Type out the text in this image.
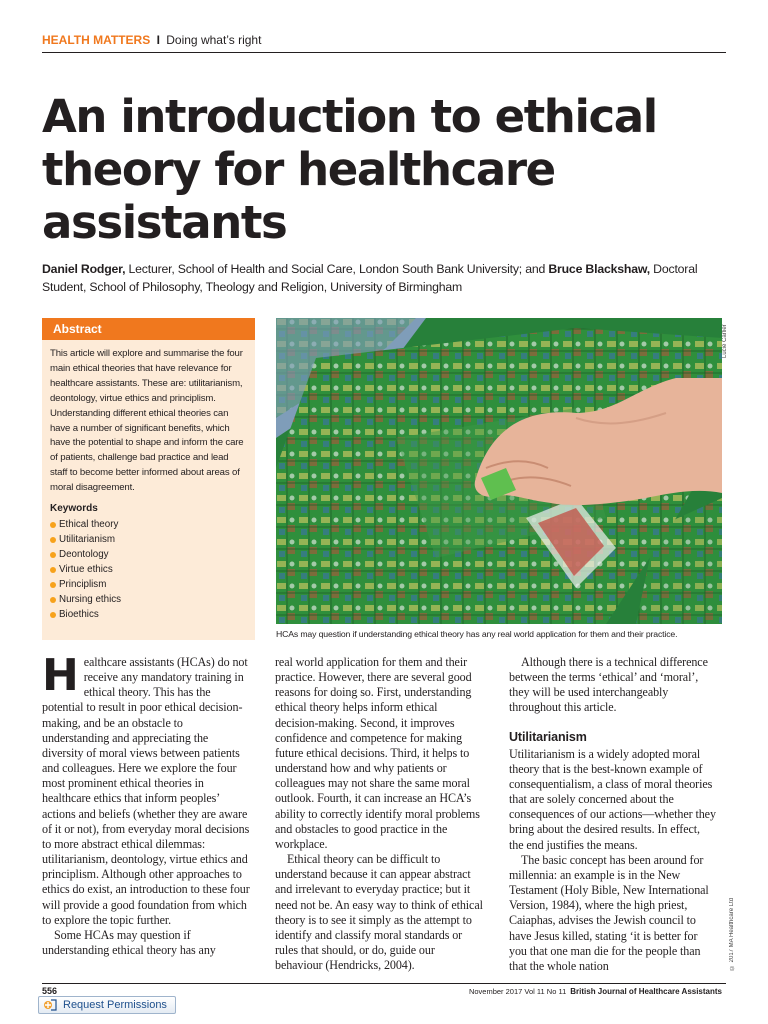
HEALTH MATTERS I Doing what’s right
An introduction to ethical theory for healthcare assistants
Daniel Rodger, Lecturer, School of Health and Social Care, London South Bank University; and Bruce Blackshaw, Doctoral Student, School of Philosophy, Theology and Religion, University of Birmingham
Abstract
This article will explore and summarise the four main ethical theories that have relevance for healthcare assistants. These are: utilitarianism, deontology, virtue ethics and principlism. Understanding different ethical theories can have a number of significant benefits, which have the potential to shape and inform the care of patients, challenge bad practice and lead staff to become better informed about areas of moral disagreement.
Keywords
Ethical theory
Utilitarianism
Deontology
Virtue ethics
Principlism
Nursing ethics
Bioethics
Lucie Carlier
HCAs may question if understanding ethical theory has any real world application for them and their practice.
H ealthcare assistants (HCAs) do not receive any mandatory training in ethical theory. This has the potential to result in poor ethical decision-making, and be an obstacle to understanding and appreciating the diversity of moral views between patients and colleagues. Here we explore the four most prominent ethical theories in healthcare ethics that inform peoples’ actions and beliefs (whether they are aware of it or not), from everyday moral decisions to more abstract ethical dilemmas: utilitarianism, deontology, virtue ethics and principlism. Although other approaches to ethics do exist, an introduction to these four will provide a good foundation from which to explore the topic further.

Some HCAs may question if understanding ethical theory has any

real world application for them and their practice. However, there are several good reasons for doing so. First, understanding ethical theory helps inform ethical decision-making. Second, it improves confidence and competence for making future ethical decisions. Third, it helps to understand how and why patients or colleagues may not share the same moral outlook. Fourth, it can increase an HCA’s ability to correctly identify moral problems and obstacles to good practice in the workplace.

Ethical theory can be difficult to understand because it can appear abstract and irrelevant to everyday practice; but it need not be. An easy way to think of ethical theory is to see it simply as the attempt to identify and classify moral standards or rules that should, or do, guide our behaviour (Hendricks, 2004).

Although there is a technical difference between the terms ‘ethical’ and ‘moral’, they will be used interchangeably throughout this article.

Utilitarianism

Utilitarianism is a widely adopted moral theory that is the best-known example of consequentialism, a class of moral theories that are solely concerned about the consequences of our actions—whether they bring about the desired results. In effect, the end justifies the means.

The basic concept has been around for millennia: an example is in the New Testament (Holy Bible, New International Version, 1984), where the high priest, Caiaphas, advises the Jewish council to have Jesus killed, stating ‘it is better for you that one man die for the people than that the whole nation	© 2017 MA Healthcare Ltd
556	November 2017 Vol 11 No 11 British Journal of Healthcare Assistants
Request Permissions
